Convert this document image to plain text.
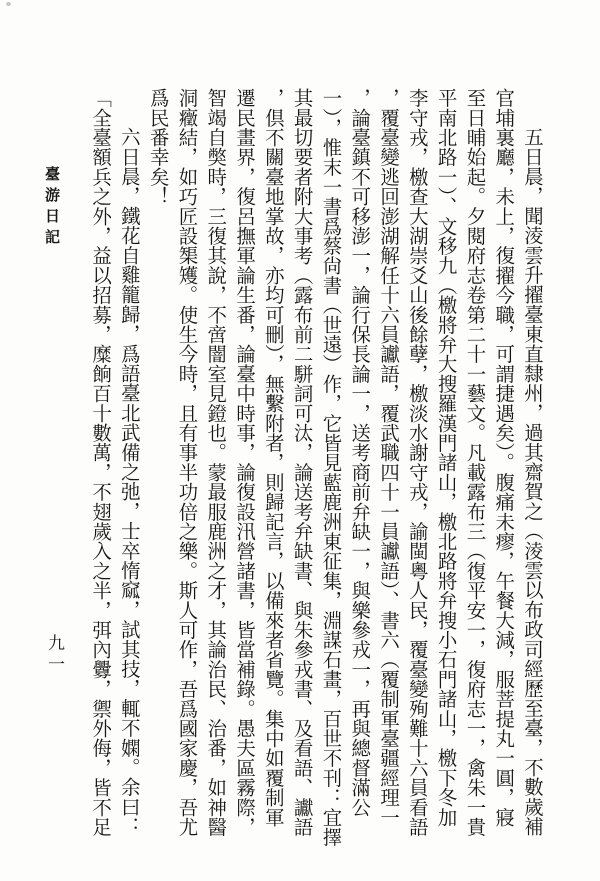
臺游日記
九一	五日晨，聞淩雲升擢臺東直隸州，過其齋賀之（淩雲以布政司經歷至臺，不數歲補
官埔裏廳，未上，復擢今職，可謂捷遇矣）。腹痛未瘳，午餐大減，服菩提丸一圓，寢
至日晡始起。夕閱府志卷第二十一藝文。凡載露布三（復平安一，復府志一，禽朱一貴
平南北路一）、文移九（檄將弁大搜羅漢門諸山，檄北路將弁搜小石門諸山，檄下冬加
李守戎，檄查大湖崇爻山後餘孽，檄淡水謝守戎，諭閩粵人民，覆臺變殉難十六員看語
，覆臺變逃回澎湖解任十六員讞語，覆武職四十一員讞語）、書六（覆制軍臺疆經理一
，論臺鎮不可移澎一，論行保長論一，送考商前弁缺一，與樂參戎一，再與總督滿公
一），惟末一書爲蔡尙書（世遠）作，它皆見藍鹿洲東征集，淵謀石畫，百世不刊：宜擇
其最切要者附大事考（露布前二駢詞可汰，論送考弁缺書、與朱參戎書、及看語、讞語
，倶不關臺地掌故，亦均可刪），無繫附者，則歸記言，以備來者省覽。集中如覆制軍
遷民畫界，復呂撫軍論生番，論臺中時事，論復設汛營諸書，皆當補錄。愚夫區霧際，
智竭自獘時，三復其說，不啻闇室見鐙也。蒙最服鹿洲之才，其論治民、治番，如神醫
洞癥結，如巧匠設榘矱。使生今時，且有事半功倍之樂。斯人可作，吾爲國家慶，吾尤
爲民番幸矣！
六日晨，鐵花自雞籠歸，爲語臺北武備之弛，士卒惰窳，試其技，輒不嫻。余曰：
「全臺額兵之外，益以招募，糜餉百十數萬，不翅歲入之半，弭內釁，禦外侮，皆不足
